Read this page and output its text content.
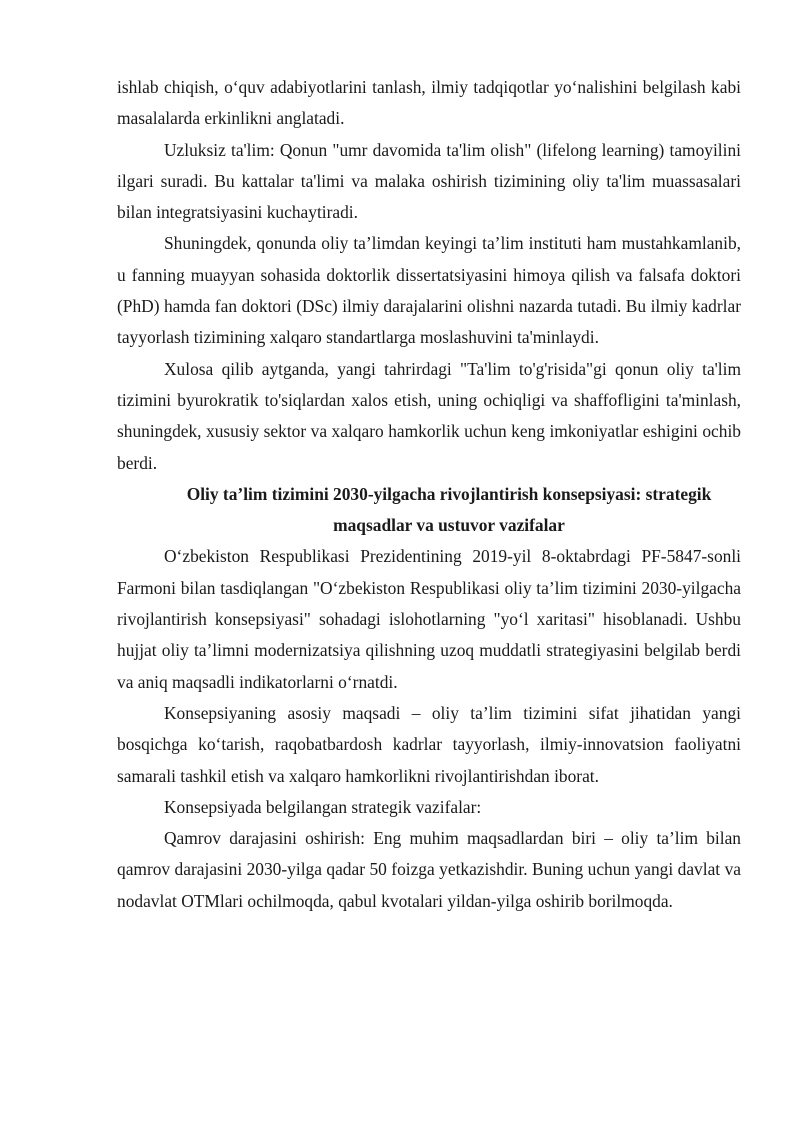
ishlab chiqish, o‘quv adabiyotlarini tanlash, ilmiy tadqiqotlar yo‘nalishini belgilash kabi masalalarda erkinlikni anglatadi.

Uzluksiz ta'lim: Qonun "umr davomida ta'lim olish" (lifelong learning) tamoyilini ilgari suradi. Bu kattalar ta'limi va malaka oshirish tizimining oliy ta'lim muassasalari bilan integratsiyasini kuchaytiradi.

Shuningdek, qonunda oliy ta’limdan keyingi ta’lim instituti ham mustahkamlanib, u fanning muayyan sohasida doktorlik dissertatsiyasini himoya qilish va falsafa doktori (PhD) hamda fan doktori (DSc) ilmiy darajalarini olishni nazarda tutadi. Bu ilmiy kadrlar tayyorlash tizimining xalqaro standartlarga moslashuvini ta'minlaydi.

Xulosa qilib aytganda, yangi tahrirdagi "Ta'lim to'g'risida"gi qonun oliy ta'lim tizimini byurokratik to'siqlardan xalos etish, uning ochiqligi va shaffofligini ta'minlash, shuningdek, xususiy sektor va xalqaro hamkorlik uchun keng imkoniyatlar eshigini ochib berdi.

Oliy ta’lim tizimini 2030-yilgacha rivojlantirish konsepsiyasi: strategik maqsadlar va ustuvor vazifalar

O‘zbekiston Respublikasi Prezidentining 2019-yil 8-oktabrdagi PF-5847-sonli Farmoni bilan tasdiqlangan "O‘zbekiston Respublikasi oliy ta’lim tizimini 2030-yilgacha rivojlantirish konsepsiyasi" sohadagi islohotlarning "yo‘l xaritasi" hisoblanadi. Ushbu hujjat oliy ta’limni modernizatsiya qilishning uzoq muddatli strategiyasini belgilab berdi va aniq maqsadli indikatorlarni o‘rnatdi.

Konsepsiyaning asosiy maqsadi – oliy ta’lim tizimini sifat jihatidan yangi bosqichga ko‘tarish, raqobatbardosh kadrlar tayyorlash, ilmiy-innovatsion faoliyatni samarali tashkil etish va xalqaro hamkorlikni rivojlantirishdan iborat.

Konsepsiyada belgilangan strategik vazifalar:

Qamrov darajasini oshirish: Eng muhim maqsadlardan biri – oliy ta’lim bilan qamrov darajasini 2030-yilga qadar 50 foizga yetkazishdir. Buning uchun yangi davlat va nodavlat OTMlari ochilmoqda, qabul kvotalari yildan-yilga oshirib borilmoqda.
